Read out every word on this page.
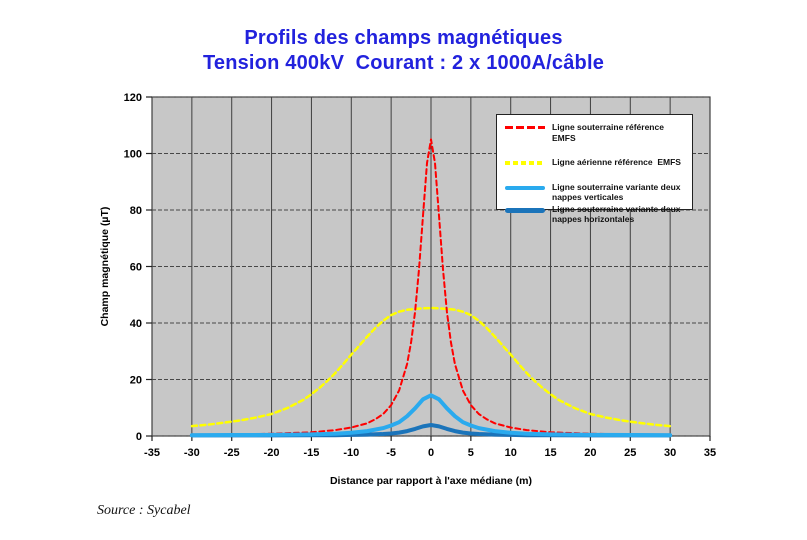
Profils des champs magnétiques
Tension 400kV  Courant : 2 x 1000A/câble
-35 -30 -25 -20 -15 -10 -5	0	5	10	15	20	25	30	35
0
20
40
60
80
100
120
Distance par rapport à l'axe médiane (m)
Champ magnétique (µT)
Ligne souterraine référence  EMFS
Ligne aérienne référence  EMFS
Ligne souterraine variante deux nappes verticales
Ligne souterraine variante deux nappes horizontales
Source : Sycabel
